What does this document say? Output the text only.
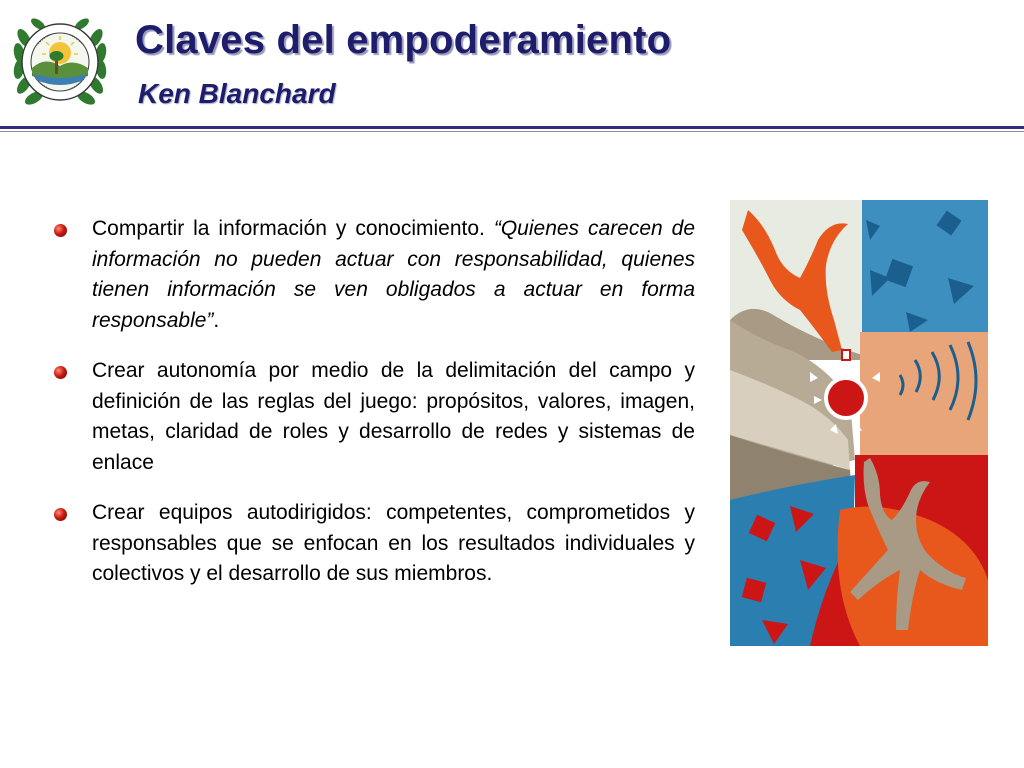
Claves del empoderamiento
Ken Blanchard
Compartir la información y conocimiento. “Quienes carecen de información no pueden actuar con responsabilidad, quienes tienen información se ven obligados a actuar en forma responsable”.
Crear autonomía por medio de la delimitación del campo y definición de las reglas del juego: propósitos, valores, imagen, metas, claridad de roles y desarrollo de redes y sistemas de enlace
Crear equipos autodirigidos: competentes, comprometidos y responsables que se enfocan en los resultados individuales y colectivos y el desarrollo de sus miembros.
